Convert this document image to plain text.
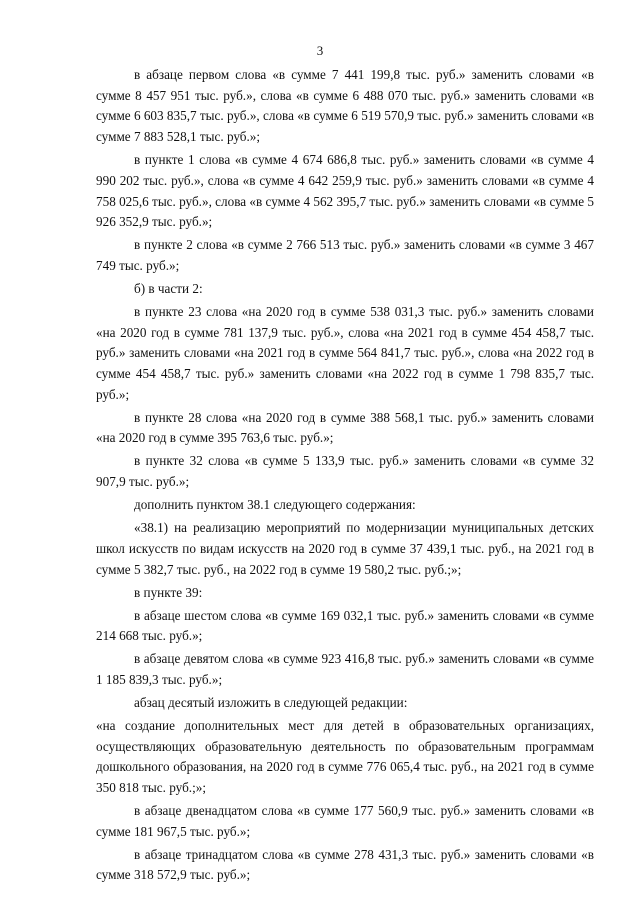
3

в абзаце первом слова «в сумме 7 441 199,8 тыс. руб.» заменить словами «в сумме 8 457 951 тыс. руб.», слова «в сумме 6 488 070 тыс. руб.» заменить словами «в сумме 6 603 835,7 тыс. руб.», слова «в сумме 6 519 570,9 тыс. руб.» заменить словами «в сумме 7 883 528,1 тыс. руб.»;

в пункте 1 слова «в сумме 4 674 686,8 тыс. руб.» заменить словами «в сумме 4 990 202 тыс. руб.», слова «в сумме 4 642 259,9 тыс. руб.» заменить словами «в сумме 4 758 025,6 тыс. руб.», слова «в сумме 4 562 395,7 тыс. руб.» заменить словами «в сумме 5 926 352,9 тыс. руб.»;

в пункте 2 слова «в сумме 2 766 513 тыс. руб.» заменить словами «в сумме 3 467 749 тыс. руб.»;

б) в части 2:

в пункте 23 слова «на 2020 год в сумме 538 031,3 тыс. руб.» заменить словами «на 2020 год в сумме 781 137,9 тыс. руб.», слова «на 2021 год в сумме 454 458,7 тыс. руб.» заменить словами «на 2021 год в сумме 564 841,7 тыс. руб.», слова «на 2022 год в сумме 454 458,7 тыс. руб.» заменить словами «на 2022 год в сумме 1 798 835,7 тыс. руб.»;

в пункте 28 слова «на 2020 год в сумме 388 568,1 тыс. руб.» заменить словами «на 2020 год в сумме 395 763,6 тыс. руб.»;

в пункте 32 слова «в сумме 5 133,9 тыс. руб.» заменить словами «в сумме 32 907,9 тыс. руб.»;

дополнить пунктом 38.1 следующего содержания:

«38.1) на реализацию мероприятий по модернизации муниципальных детских школ искусств по видам искусств на 2020 год в сумме 37 439,1 тыс. руб., на 2021 год в сумме 5 382,7 тыс. руб., на 2022 год в сумме 19 580,2 тыс. руб.;»;

в пункте 39:

в абзаце шестом слова «в сумме 169 032,1 тыс. руб.» заменить словами «в сумме 214 668 тыс. руб.»;

в абзаце девятом слова «в сумме 923 416,8 тыс. руб.» заменить словами «в сумме 1 185 839,3 тыс. руб.»;

абзац десятый изложить в следующей редакции:

«на создание дополнительных мест для детей в образовательных организациях, осуществляющих образовательную деятельность по образовательным программам дошкольного образования, на 2020 год в сумме 776 065,4 тыс. руб., на 2021 год в сумме 350 818 тыс. руб.;»;

в абзаце двенадцатом слова «в сумме 177 560,9 тыс. руб.» заменить словами «в сумме 181 967,5 тыс. руб.»;

в абзаце тринадцатом слова «в сумме 278 431,3 тыс. руб.» заменить словами «в сумме 318 572,9 тыс. руб.»;
